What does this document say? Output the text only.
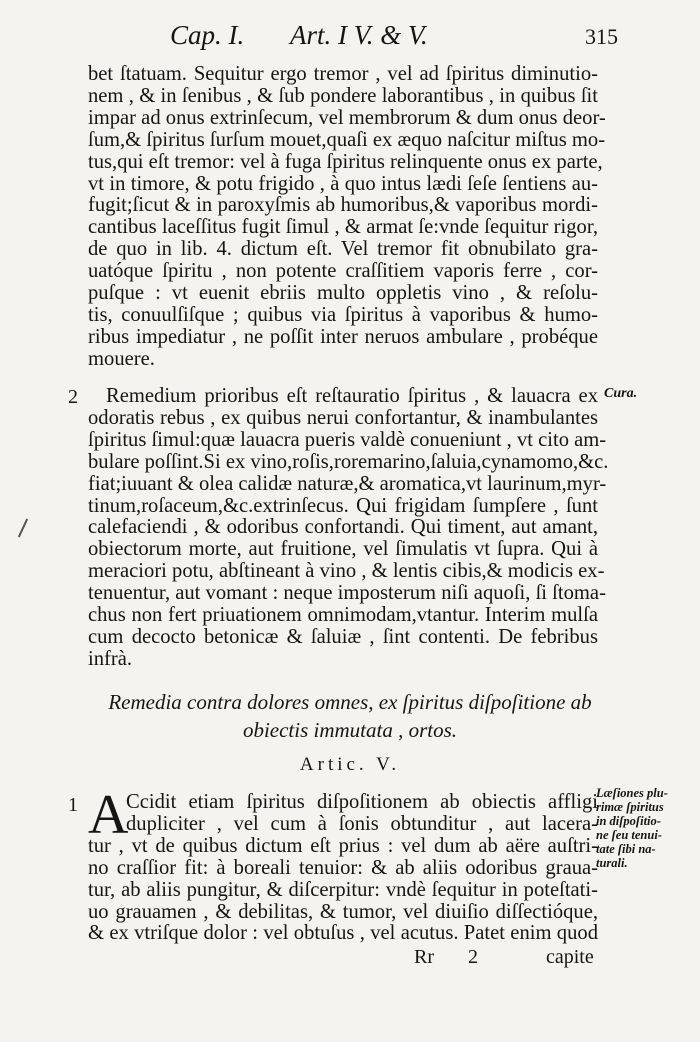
Cap. I. Art. I V. & V.	315
bet ſtatuam. Sequitur ergo tremor , vel ad ſpiritus diminutio-
nem , & in ſenibus , & ſub pondere laborantibus , in quibus ſit
impar ad onus extrinſecum, vel membrorum & dum onus deor-
ſum,& ſpiritus ſurſum mouet,quaſi ex æquo naſcitur miſtus mo-
tus,qui eſt tremor: vel à fuga ſpiritus relinquente onus ex parte,
vt in timore, & potu frigido , à quo intus lædi ſeſe ſentiens au-
fugit;ſicut & in paroxyſmis ab humoribus,& vaporibus mordi-
cantibus laceſſitus fugit ſimul , & armat ſe:vnde ſequitur rigor,
de quo in lib. 4. dictum eſt. Vel tremor fit obnubilato gra-
uatóque ſpiritu , non potente craſſitiem vaporis ferre , cor-
puſque : vt euenit ebriis multo oppletis vino , & reſolu-
tis, conuulſiſque ; quibus via ſpiritus à vaporibus & humo-
ribus impediatur , ne poſſit inter neruos ambulare , probéque
mouere.
2	Cura.
Remedium prioribus eſt reſtauratio ſpiritus , & lauacra ex
odoratis rebus , ex quibus nerui confortantur, & inambulantes
ſpiritus ſimul:quæ lauacra pueris valdè conueniunt , vt cito am-
bulare poſſint.Si ex vino,roſis,roremarino,ſaluia,cynamomo,&c.
fiat;iuuant & olea calidæ naturæ,& aromatica,vt laurinum,myr-
tinum,roſaceum,&c.extrinſecus. Qui frigidam ſumpſere , ſunt
calefaciendi , & odoribus confortandi. Qui timent, aut amant,
obiectorum morte, aut fruitione, vel ſimulatis vt ſupra. Qui à
meraciori potu, abſtineant à vino , & lentis cibis,& modicis ex-
tenuentur, aut vomant : neque imposterum niſi aquoſi, ſi ſtoma-
chus non fert priuationem omnimodam,vtantur. Interim mulſa
cum decocto betonicæ & ſaluiæ , ſint contenti. De febribus
infrà.
Remedia contra dolores omnes, ex ſpiritus diſpoſitione ab
obiectis immutata , ortos.
Artic. V.
1 A
Ccidit etiam ſpiritus diſpoſitionem ab obiectis affligi
dupliciter , vel cum à ſonis obtunditur , aut lacera-
tur , vt de quibus dictum eſt prius : vel dum ab aëre auſtri-
no craſſior fit: à boreali tenuior: & ab aliis odoribus graua-
tur, ab aliis pungitur, & diſcerpitur: vndè ſequitur in poteſtati-
uo grauamen , & debilitas, & tumor, vel diuiſio diſſectióque,
& ex vtriſque dolor : vel obtuſus , vel acutus. Patet enim quod
Læſiones plu-
rimæ ſpiritus
in diſpoſitio-
ne ſeu tenui-
tate ſibi na-
turali.
Rr 2	capite
